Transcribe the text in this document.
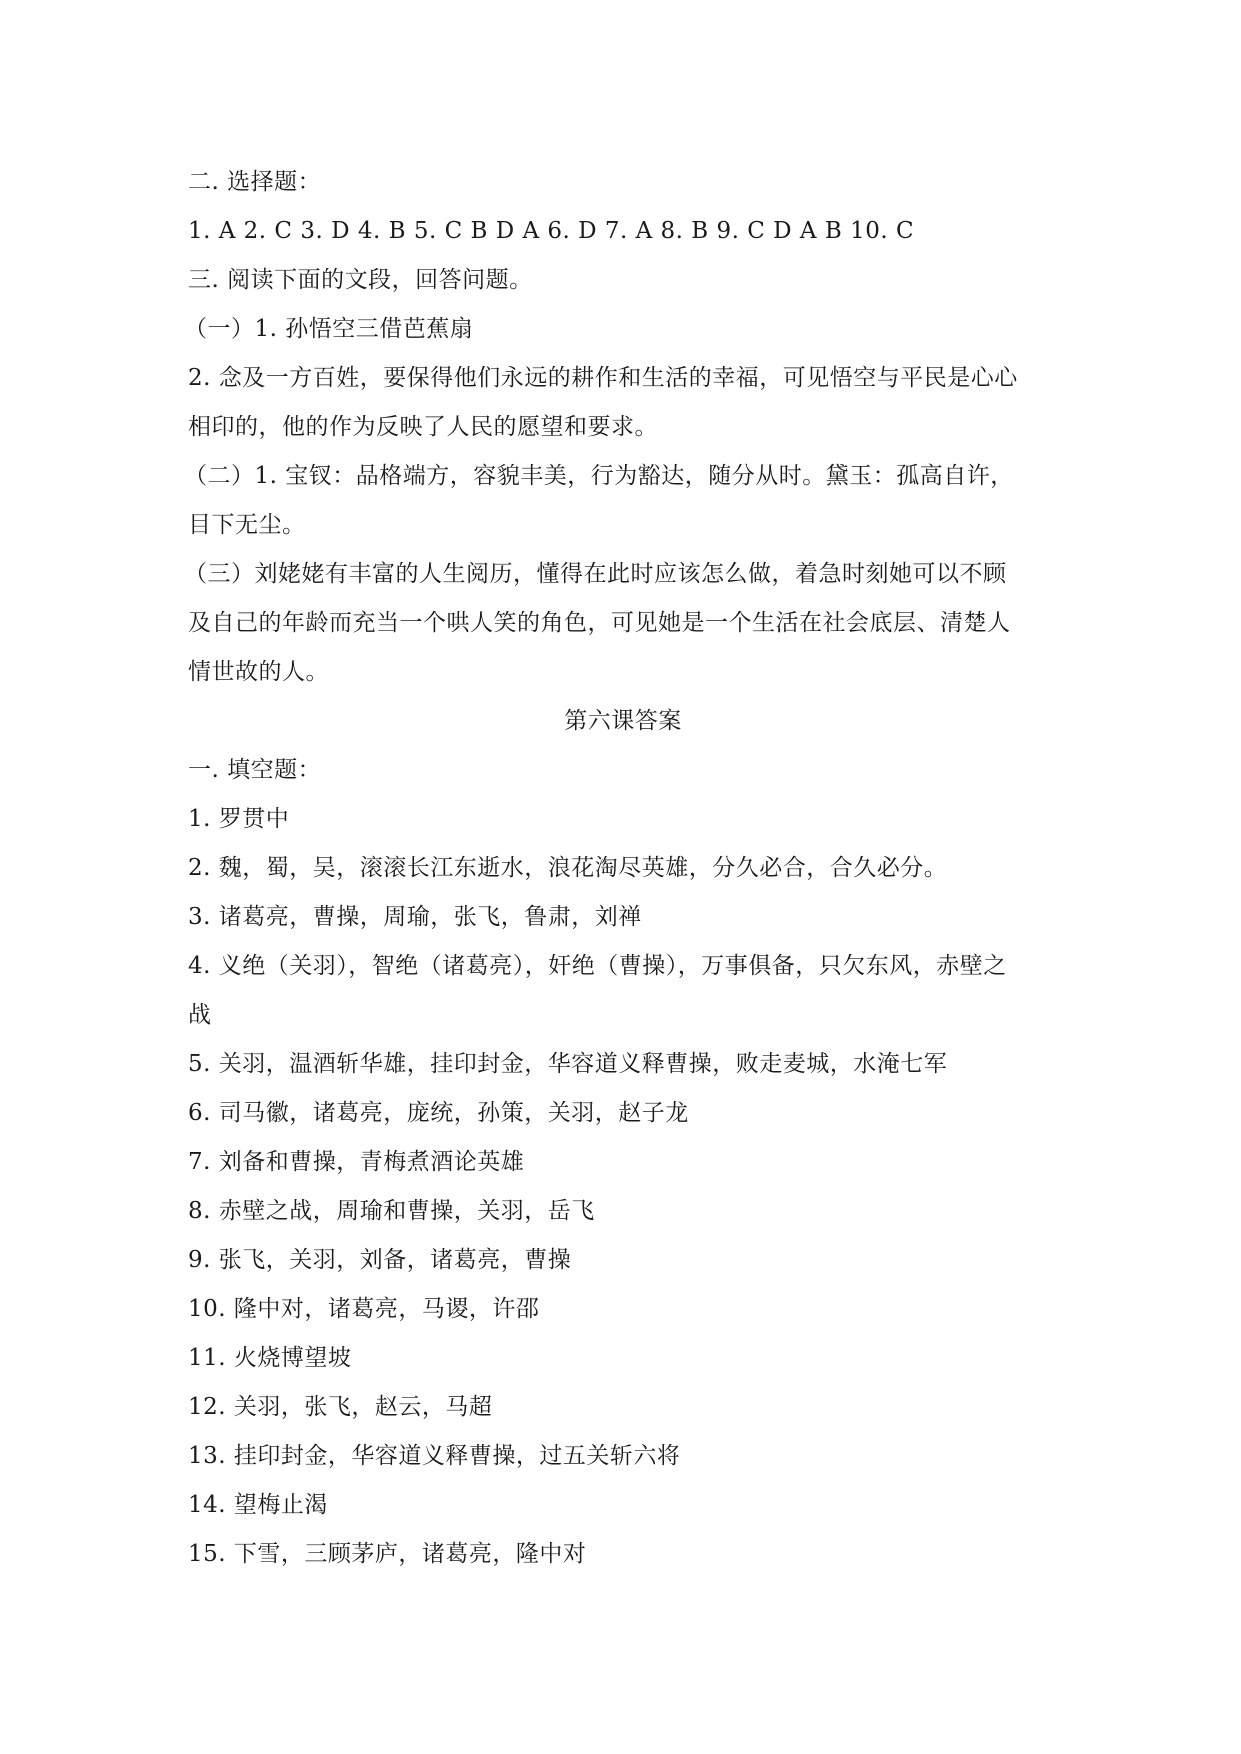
二. 选择题：
1. A 2. C 3. D 4. B 5. C B D A 6. D 7. A 8. B 9. C D A B 10. C
三. 阅读下面的文段，回答问题。
（一）1. 孙悟空三借芭蕉扇
2. 念及一方百姓，要保得他们永远的耕作和生活的幸福，可见悟空与平民是心心
相印的，他的作为反映了人民的愿望和要求。
（二）1. 宝钗：品格端方，容貌丰美，行为豁达，随分从时。黛玉：孤高自许，
目下无尘。
（三）刘姥姥有丰富的人生阅历，懂得在此时应该怎么做，着急时刻她可以不顾
及自己的年龄而充当一个哄人笑的角色，可见她是一个生活在社会底层、清楚人
情世故的人。
第六课答案
一. 填空题：
1. 罗贯中
2. 魏，蜀，吴，滚滚长江东逝水，浪花淘尽英雄，分久必合，合久必分。
3. 诸葛亮，曹操，周瑜，张飞，鲁肃，刘禅
4. 义绝（关羽），智绝（诸葛亮），奸绝（曹操），万事俱备，只欠东风，赤壁之
战
5. 关羽，温酒斩华雄，挂印封金，华容道义释曹操，败走麦城，水淹七军
6. 司马徽，诸葛亮，庞统，孙策，关羽，赵子龙
7. 刘备和曹操，青梅煮酒论英雄
8. 赤壁之战，周瑜和曹操，关羽，岳飞
9. 张飞，关羽，刘备，诸葛亮，曹操
10. 隆中对，诸葛亮，马谡，许邵
11. 火烧博望坡
12. 关羽，张飞，赵云，马超
13. 挂印封金，华容道义释曹操，过五关斩六将
14. 望梅止渴
15. 下雪，三顾茅庐，诸葛亮，隆中对
